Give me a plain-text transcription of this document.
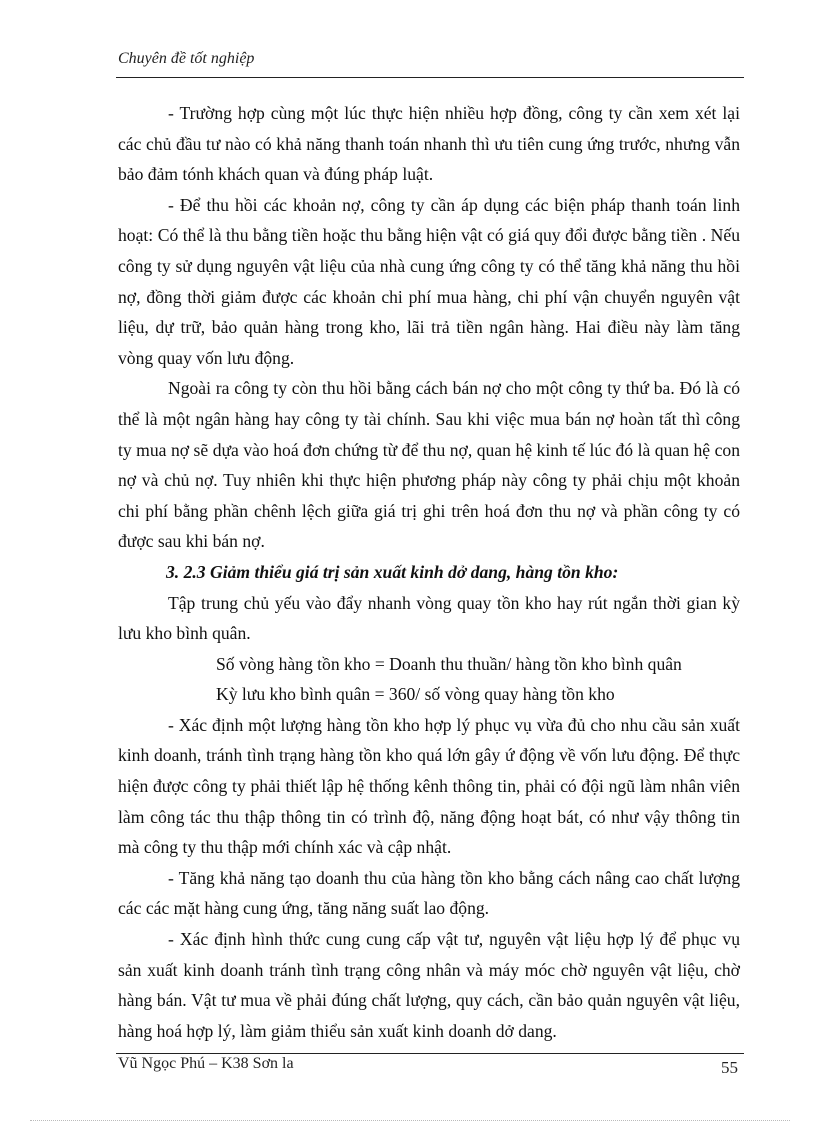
Chuyên đề tốt nghiệp

- Trường hợp cùng một lúc thực hiện nhiều hợp đồng, công ty cần xem xét lại các chủ đầu tư nào có khả năng thanh toán nhanh thì ưu tiên cung ứng trước, nhưng vẫn bảo đảm tónh khách quan và đúng pháp luật.

- Để thu hồi các khoản nợ, công ty cần áp dụng các biện pháp thanh toán linh hoạt: Có thể là thu bằng tiền hoặc thu bằng hiện vật có giá quy đổi được bằng tiền . Nếu công ty sử dụng nguyên vật liệu của nhà cung ứng công ty có thể tăng khả năng thu hồi nợ, đồng thời giảm được các khoản chi phí mua hàng, chi phí vận chuyển nguyên vật liệu, dự trữ, bảo quản hàng trong kho, lãi trả tiền ngân hàng. Hai điều này làm tăng vòng quay vốn lưu động.

Ngoài ra công ty còn thu hồi bằng cách bán nợ cho một công ty thứ ba. Đó là có thể là một ngân hàng hay công ty tài chính. Sau khi việc mua bán nợ hoàn tất thì công ty mua nợ sẽ dựa vào hoá đơn chứng từ để thu nợ, quan hệ kinh tế lúc đó là quan hệ con nợ và chủ nợ. Tuy nhiên khi thực hiện phương pháp này công ty phải chịu một khoản chi phí bằng phần chênh lệch giữa giá trị ghi trên hoá đơn thu nợ và phần công ty có được sau khi bán nợ.

3. 2.3 Giảm thiểu giá trị sản xuất kinh dở dang, hàng tồn kho:

Tập trung chủ yếu vào đẩy nhanh vòng quay tồn kho hay rút ngắn thời gian kỳ lưu kho bình quân.

Số vòng hàng tồn kho = Doanh thu thuần/ hàng tồn kho bình quân

Kỳ lưu kho bình quân = 360/ số vòng quay hàng tồn kho

- Xác định một lượng hàng tồn kho hợp lý phục vụ vừa đủ cho nhu cầu sản xuất kinh doanh, tránh tình trạng hàng tồn kho quá lớn gây ứ động về vốn lưu động. Để thực hiện được công ty phải thiết lập hệ thống kênh thông tin, phải có đội ngũ làm nhân viên làm công tác thu thập thông tin có trình độ, năng động hoạt bát, có như vậy thông tin mà công ty thu thập mới chính xác và cập nhật.

- Tăng khả năng tạo doanh thu của hàng tồn kho bằng cách nâng cao chất lượng các các mặt hàng cung ứng, tăng năng suất lao động.

- Xác định hình thức cung cung cấp vật tư, nguyên vật liệu hợp lý để phục vụ sản xuất kinh doanh tránh tình trạng công nhân và máy móc chờ nguyên vật liệu, chờ hàng bán. Vật tư mua về phải đúng chất lượng, quy cách, cần bảo quản nguyên vật liệu, hàng hoá hợp lý, làm giảm thiểu sản xuất kinh doanh dở dang.

Vũ Ngọc Phú – K38 Sơn la	55
